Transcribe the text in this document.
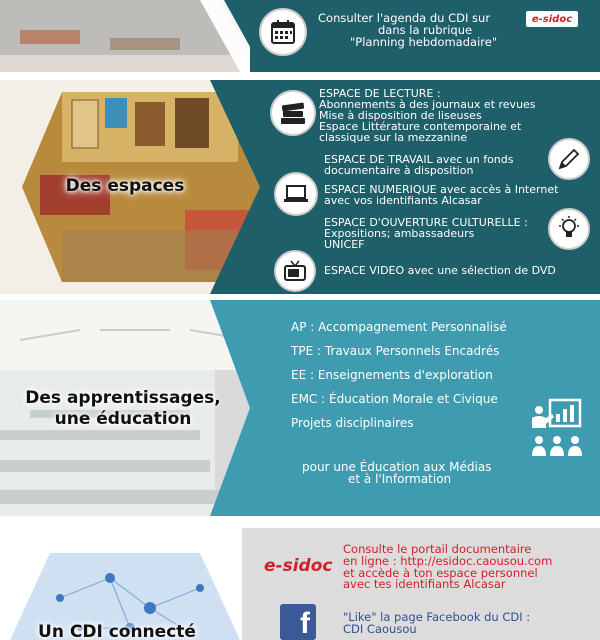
Consulter l'agenda du CDI sur	e-sidoc
dans la rubrique
"Planning hebdomadaire"
Des espaces
ESPACE DE LECTURE :
Abonnements à des journaux et revues
Mise à disposition de liseuses
Espace Littérature contemporaine et
classique sur la mezzanine
ESPACE DE TRAVAIL avec un fonds
documentaire à disposition
ESPACE NUMERIQUE avec accès à Internet
avec vos identifiants Alcasar
ESPACE D'OUVERTURE CULTURELLE :
Expositions; ambassadeurs
UNICEF
ESPACE VIDEO avec une sélection de DVD
Des apprentissages,
une éducation
AP : Accompagnement Personnalisé
TPE : Travaux Personnels Encadrés
EE : Enseignements d'exploration
EMC : Éducation Morale et Civique
Projets disciplinaires
pour une Éducation aux Médias
et à l'Information
Un CDI connecté
e-sidoc
Consulte le portail documentaire
en ligne : http://esidoc.caousou.com
et accède à ton espace personnel
avec tes identifiants Alcasar
f	"Like" la page Facebook du CDI :
CDI Caousou
